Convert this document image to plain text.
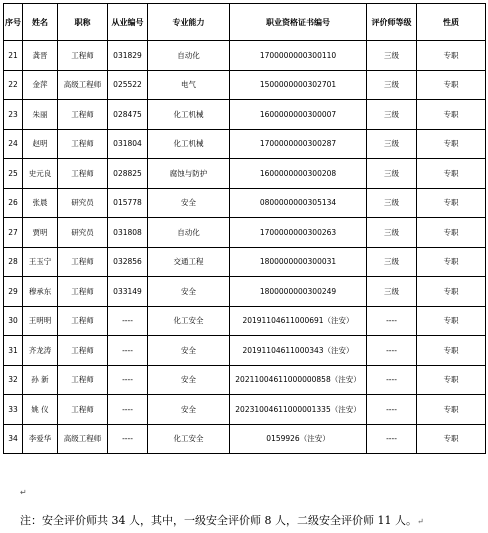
序号	姓名	职称	从业编号	专业能力	职业资格证书编号	评价师等级	性质
21	龚晋	工程师	031829	自动化	1700000000300110	三级	专职
22	金萍	高级工程师	025522	电气	1500000000302701	三级	专职
23	朱丽	工程师	028475	化工机械	1600000000300007	三级	专职
24	赵明	工程师	031804	化工机械	1700000000300287	三级	专职
25	史元良	工程师	028825	腐蚀与防护	1600000000300208	三级	专职
26	张晨	研究员	015778	安全	0800000000305134	三级	专职
27	贾明	研究员	031808	自动化	1700000000300263	三级	专职
28	王玉宁	工程师	032856	交通工程	1800000000300031	三级	专职
29	穆承东	工程师	033149	安全	1800000000300249	三级	专职
30	王明明	工程师	----	化工安全	20191104611000691（注安）	----	专职
31	齐龙涛	工程师	----	安全	20191104611000343（注安）	----	专职
32	孙 新	工程师	----	安全	20211004611000000858（注安）	----	专职
33	姚 仪	工程师	----	安全	20231004611000001335（注安）	----	专职
34	李爱华	高级工程师	----	化工安全	0159926（注安）	----	专职
↵
注：安全评价师共 34 人，其中，一级安全评价师 8 人，二级安全评价师 11 人。↵
